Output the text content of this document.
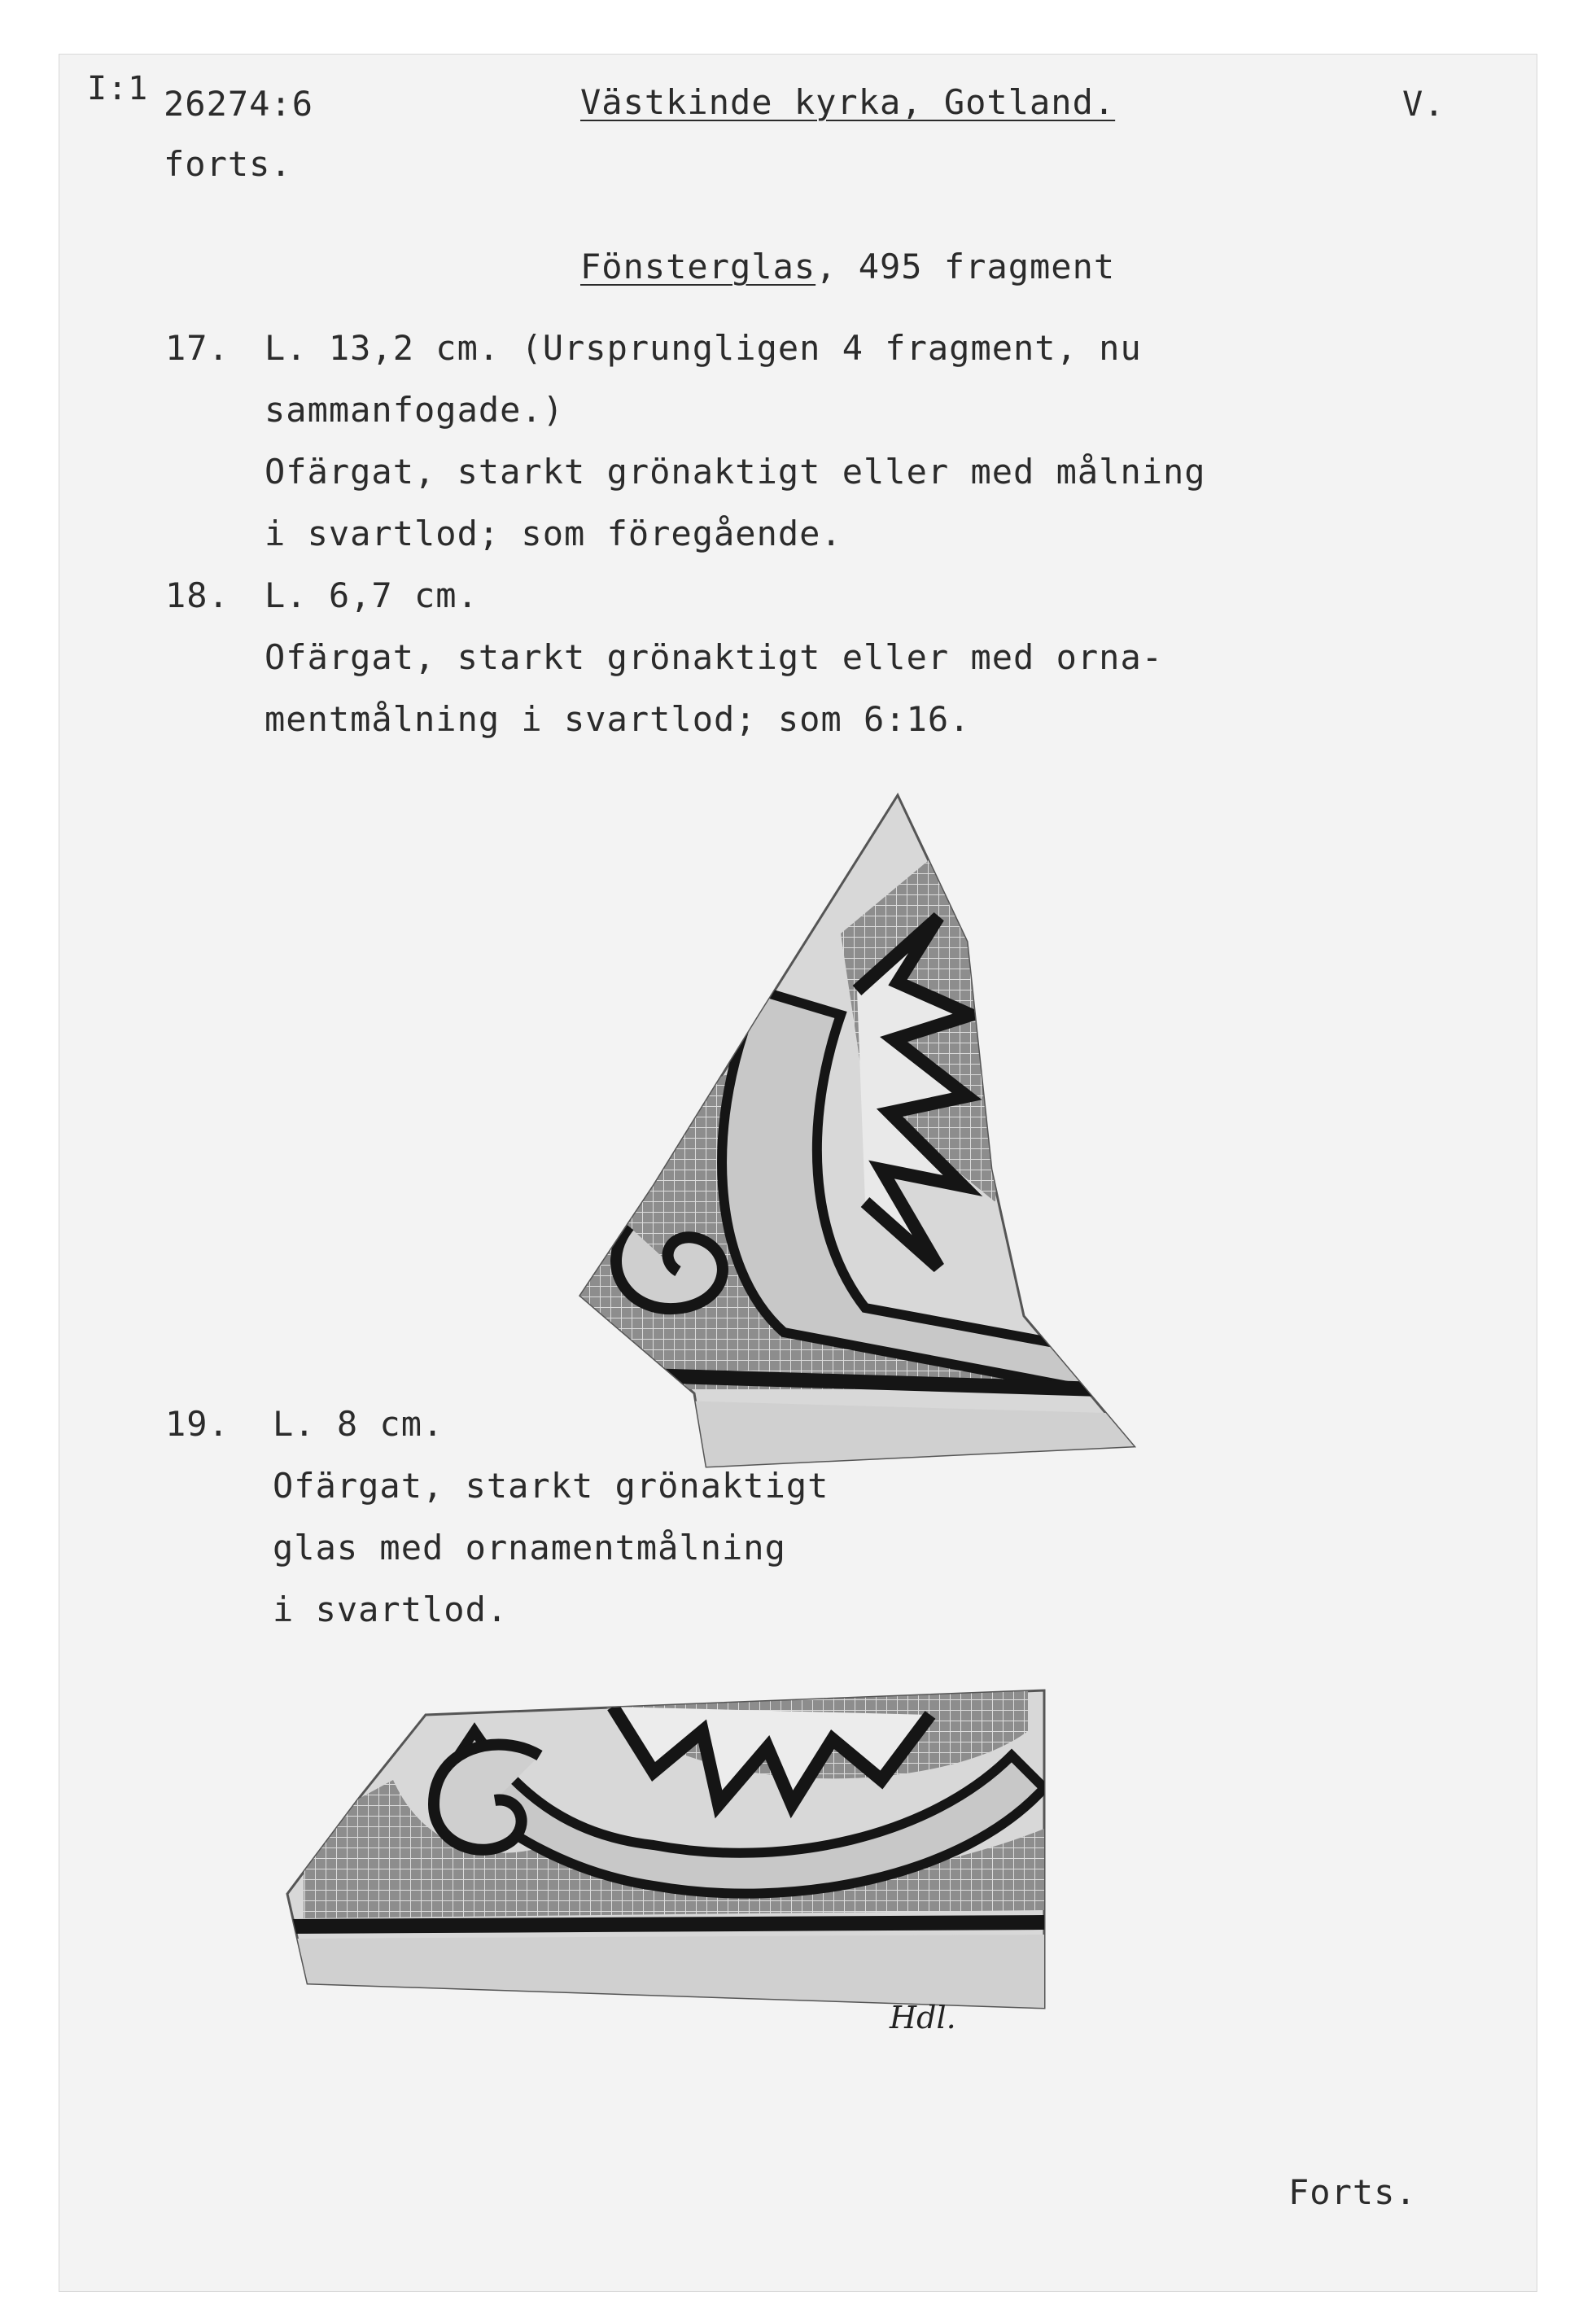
I:1 26274:6
forts.
Västkinde kyrka, Gotland.	V.
Fönsterglas, 495 fragment
17. L. 13,2 cm. (Ursprungligen 4 fragment, nu
sammanfogade.)
Ofärgat, starkt grönaktigt eller med målning
i svartlod; som föregående.
18. L. 6,7 cm.
Ofärgat, starkt grönaktigt eller med orna-
mentmålning i svartlod; som 6:16.
19. L. 8 cm.
Ofärgat, starkt grönaktigt
glas med ornamentmålning
i svartlod.
Hdl.
Forts.
